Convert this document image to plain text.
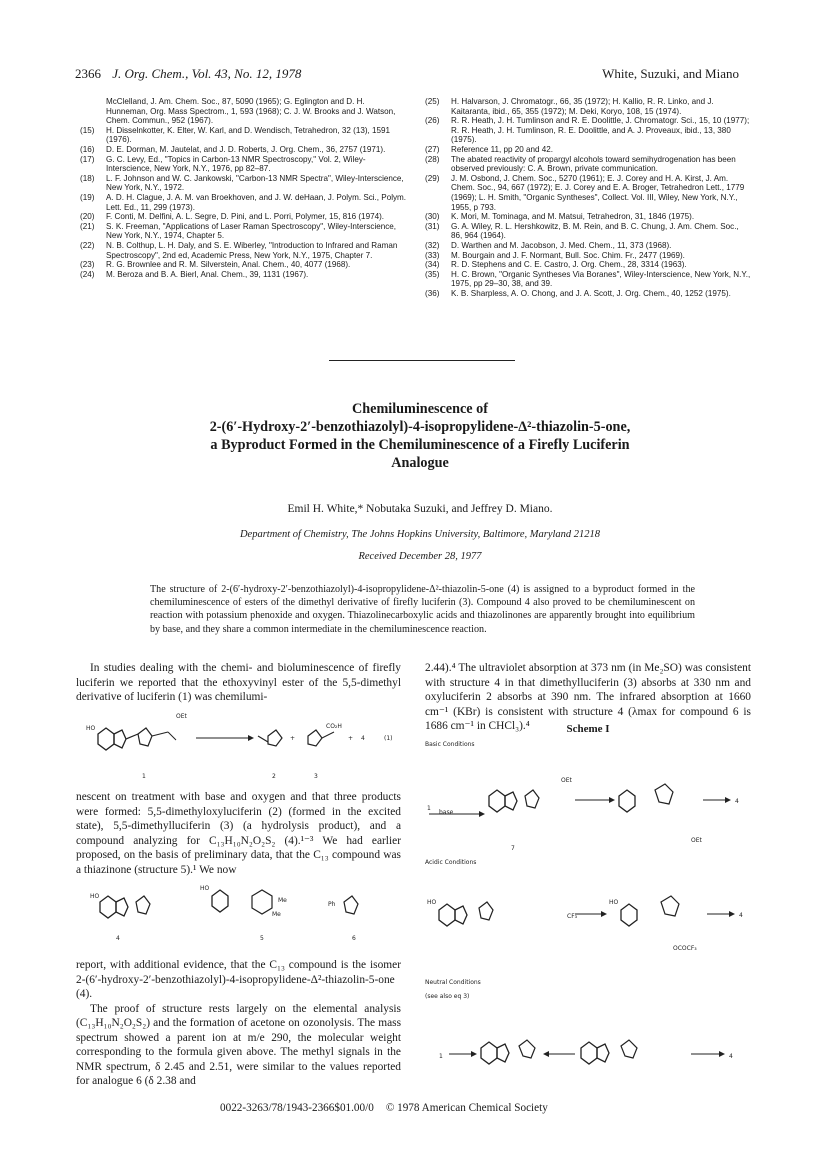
2366 J. Org. Chem., Vol. 43, No. 12, 1978	White, Suzuki, and Miano
McClelland, J. Am. Chem. Soc., 87, 5090 (1965); G. Eglington and D. H. Hunneman, Org. Mass Spectrom., 1, 593 (1968); C. J. W. Brooks and J. Watson, Chem. Commun., 952 (1967).
(15) H. Disselnkotter, K. Elter, W. Karl, and D. Wendisch, Tetrahedron, 32 (13), 1591 (1976).
(16) D. E. Dorman, M. Jautelat, and J. D. Roberts, J. Org. Chem., 36, 2757 (1971).
(17) G. C. Levy, Ed., "Topics in Carbon-13 NMR Spectroscopy," Vol. 2, Wiley-Interscience, New York, N.Y., 1976, pp 82–87.
(18) L. F. Johnson and W. C. Jankowski, "Carbon-13 NMR Spectra", Wiley-Interscience, New York, N.Y., 1972.
(19) A. D. H. Clague, J. A. M. van Broekhoven, and J. W. deHaan, J. Polym. Sci., Polym. Lett. Ed., 11, 299 (1973).
(20) F. Conti, M. Delfini, A. L. Segre, D. Pini, and L. Porri, Polymer, 15, 816 (1974).
(21) S. K. Freeman, "Applications of Laser Raman Spectroscopy", Wiley-Interscience, New York, N.Y., 1974, Chapter 5.
(22) N. B. Colthup, L. H. Daly, and S. E. Wiberley, "Introduction to Infrared and Raman Spectroscopy", 2nd ed, Academic Press, New York, N.Y., 1975, Chapter 7.
(23) R. G. Brownlee and R. M. Silverstein, Anal. Chem., 40, 4077 (1968).
(24) M. Beroza and B. A. Bierl, Anal. Chem., 39, 1131 (1967).
(25) H. Halvarson, J. Chromatogr., 66, 35 (1972); H. Kallio, R. R. Linko, and J. Kaitaranta, ibid., 65, 355 (1972); M. Deki, Koryo, 108, 15 (1974).
(26) R. R. Heath, J. H. Tumlinson and R. E. Doolittle, J. Chromatogr. Sci., 15, 10 (1977); R. R. Heath, J. H. Tumlinson, R. E. Doolittle, and A. J. Proveaux, ibid., 13, 380 (1975).
(27) Reference 11, pp 20 and 42.
(28) The abated reactivity of propargyl alcohols toward semihydrogenation has been observed previously: C. A. Brown, private communication.
(29) J. M. Osbond, J. Chem. Soc., 5270 (1961); E. J. Corey and H. A. Kirst, J. Am. Chem. Soc., 94, 667 (1972); E. J. Corey and E. A. Broger, Tetrahedron Lett., 1779 (1969); L. H. Smith, "Organic Syntheses", Collect. Vol. III, Wiley, New York, N.Y., 1955, p 793.
(30) K. Mori, M. Tominaga, and M. Matsui, Tetrahedron, 31, 1846 (1975).
(31) G. A. Wiley, R. L. Hershkowitz, B. M. Rein, and B. C. Chung, J. Am. Chem. Soc., 86, 964 (1964).
(32) D. Warthen and M. Jacobson, J. Med. Chem., 11, 373 (1968).
(33) M. Bourgain and J. F. Normant, Bull. Soc. Chim. Fr., 2477 (1969).
(34) R. D. Stephens and C. E. Castro, J. Org. Chem., 28, 3314 (1963).
(35) H. C. Brown, "Organic Syntheses Via Boranes", Wiley-Interscience, New York, N.Y., 1975, pp 29–30, 38, and 39.
(36) K. B. Sharpless, A. O. Chong, and J. A. Scott, J. Org. Chem., 40, 1252 (1975).
Chemiluminescence of
2-(6′-Hydroxy-2′-benzothiazolyl)-4-isopropylidene-Δ²-thiazolin-5-one,
a Byproduct Formed in the Chemiluminescence of a Firefly Luciferin
Analogue
Emil H. White,* Nobutaka Suzuki, and Jeffrey D. Miano.
Department of Chemistry, The Johns Hopkins University, Baltimore, Maryland 21218
Received December 28, 1977
The structure of 2-(6′-hydroxy-2′-benzothiazolyl)-4-isopropylidene-Δ²-thiazolin-5-one (4) is assigned to a byproduct formed in the chemiluminescence of esters of the dimethyl derivative of firefly luciferin (3). Compound 4 also proved to be chemiluminescent on reaction with potassium phenoxide and oxygen. Thiazolinecarboxylic acids and thiazolinones are apparently brought into equilibrium by base, and they share a common intermediate in the chemiluminescence reaction.

In studies dealing with the chemi- and bioluminescence of firefly luciferin we reported that the ethoxyvinyl ester of the 5,5-dimethyl derivative of luciferin (1) was chemilumi-

HO
OEt
+
CO₂H
+ 4	(1)
1	2	3

nescent on treatment with base and oxygen and that three products were formed: 5,5-dimethyloxyluciferin (2) (formed in the excited state), 5,5-dimethylluciferin (3) (a hydrolysis product), and a compound analyzing for C₁₃H₁₀N₂O₂S₂ (4).¹⁻³ We had earlier proposed, on the basis of preliminary data, that the C₁₃ compound was a thiazinone (structure 5).¹ We now

HO
HO
Me
Me
Ph
4	5	6

report, with additional evidence, that the C₁₃ compound is the isomer 2-(6′-hydroxy-2′-benzothiazolyl)-4-isopropylidene-Δ²-thiazolin-5-one (4).

The proof of structure rests largely on the elemental analysis (C₁₃H₁₀N₂O₂S₂) and the formation of acetone on ozonolysis. The mass spectrum showed a parent ion at m/e 290, the molecular weight corresponding to the formula given above. The methyl signals in the NMR spectrum, δ 2.45 and 2.51, were similar to the values reported for analogue 6 (δ 2.38 and

2.44).⁴ The ultraviolet absorption at 373 nm (in Me₂SO) was consistent with structure 4 in that dimethylluciferin (3) absorbs at 330 nm and oxyluciferin 2 absorbs at 390 nm. The infrared absorption at 1660 cm⁻¹ (KBr) is consistent with structure 4 (λmax for compound 6 is 1686 cm⁻¹ in CHCl₃).⁴	Scheme I
Basic Conditions
1
base
OEt
OEt
4
7
Acidic Conditions
HO
CF₃
HO
OCOCF₃
4
Neutral Conditions
(see also eq 3)
1	4
0022-3263/78/1943-2366$01.00/0 © 1978 American Chemical Society
